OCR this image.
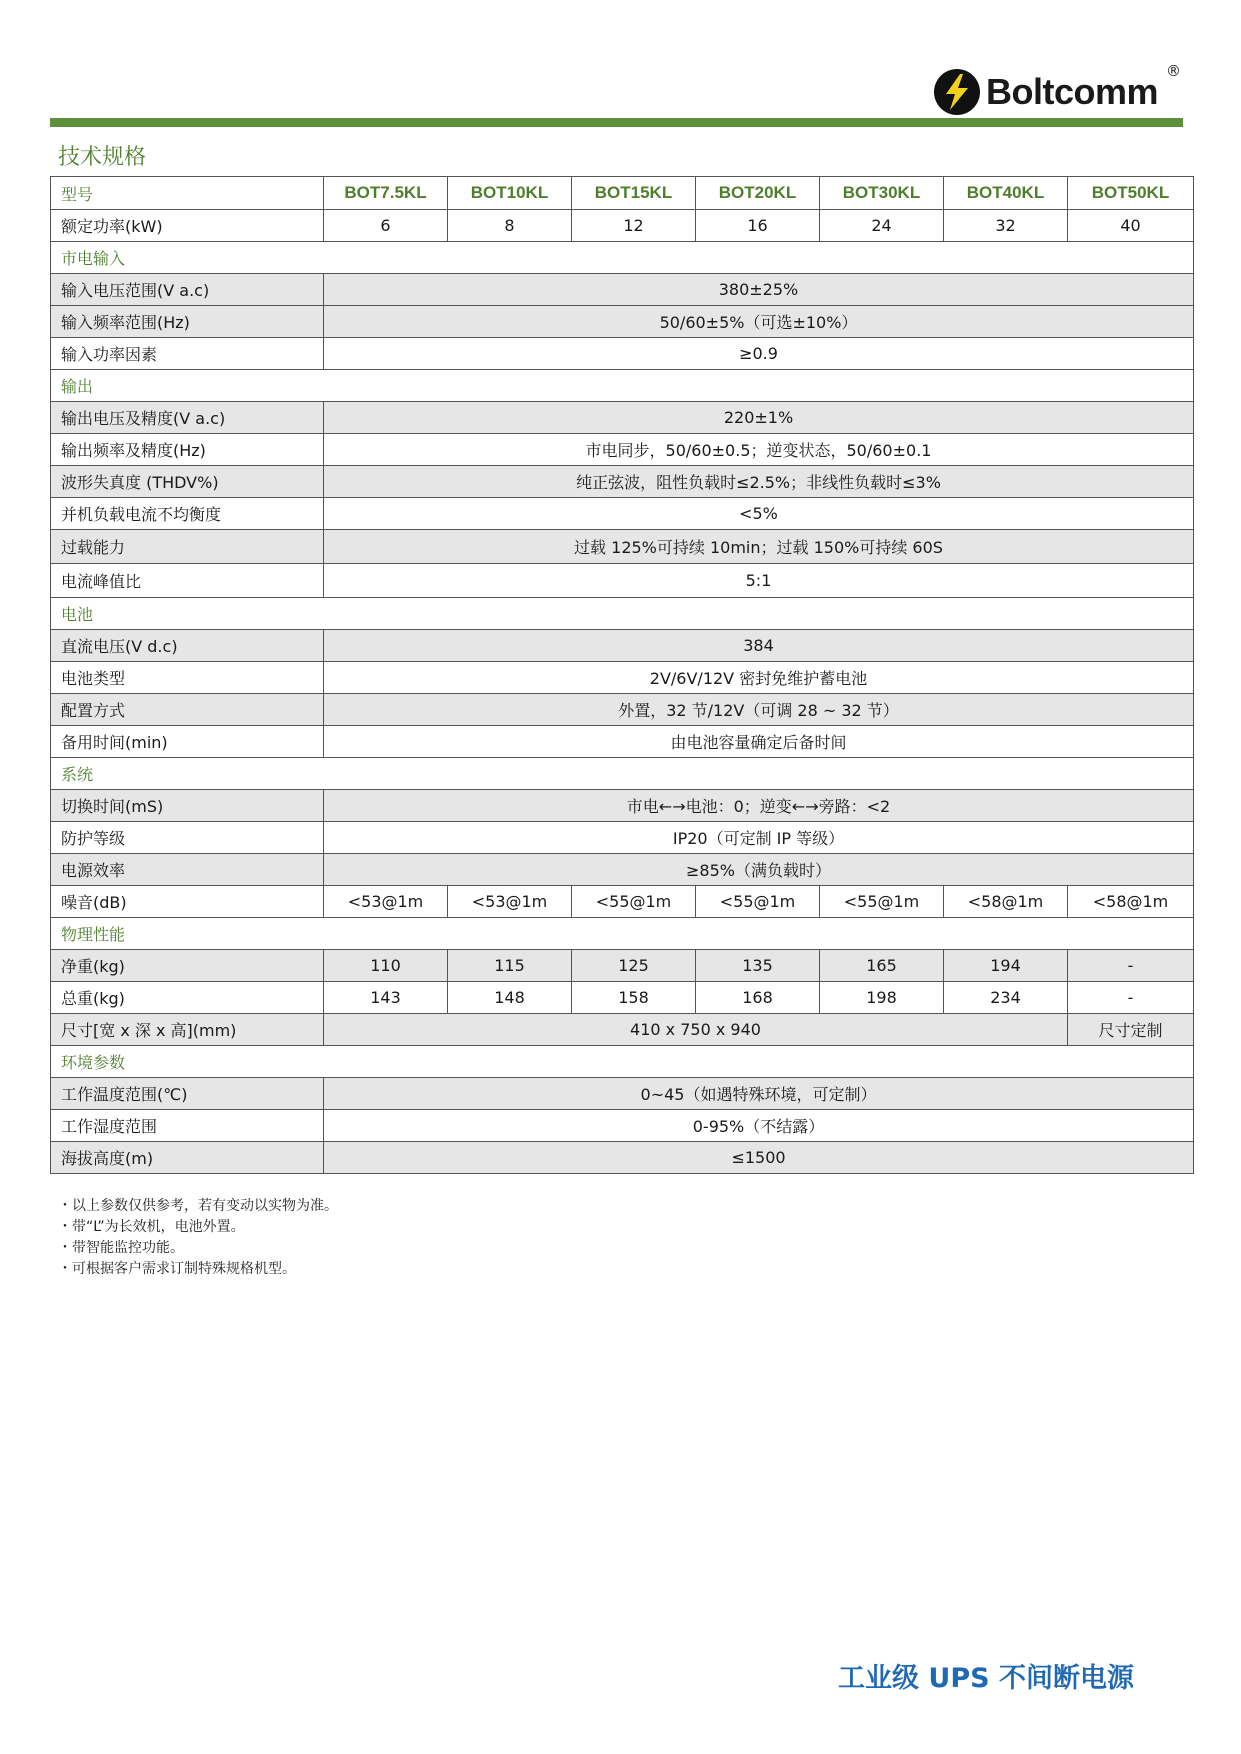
Boltcomm ®
技术规格
型号	BOT7.5KL	BOT10KL	BOT15KL	BOT20KL	BOT30KL	BOT40KL	BOT50KL
额定功率(kW)	6	8	12	16	24	32	40
市电输入							
输入电压范围(V a.c)	380±25%						
输入频率范围(Hz)	50/60±5%（可选±10%）						
输入功率因素	≥0.9						
输出							
输出电压及精度(V a.c)	220±1%						
输出频率及精度(Hz)	市电同步，50/60±0.5；逆变状态，50/60±0.1						
波形失真度 (THDV%)	纯正弦波，阻性负载时≤2.5%；非线性负载时≤3%						
并机负载电流不均衡度	<5%						
过载能力	过载 125%可持续 10min；过载 150%可持续 60S						
电流峰值比	5:1						
电池							
直流电压(V d.c)	384						
电池类型	2V/6V/12V 密封免维护蓄电池						
配置方式	外置，32 节/12V（可调 28 ~ 32 节）						
备用时间(min)	由电池容量确定后备时间						
系统							
切换时间(mS)	市电←→电池：0；逆变←→旁路：<2						
防护等级	IP20（可定制 IP 等级）						
电源效率	≥85%（满负载时）						
噪音(dB)	<53@1m	<53@1m	<55@1m	<55@1m	<55@1m	<58@1m	<58@1m
物理性能							
净重(kg)	110	115	125	135	165	194	-
总重(kg)	143	148	158	168	198	234	-
尺寸[宽 x 深 x 高](mm)	410 x 750 x 940						尺寸定制
环境参数							
工作温度范围(℃)	0~45（如遇特殊环境，可定制）						
工作湿度范围	0-95%（不结露）						
海拔高度(m)	≤1500						
・以上参数仅供参考，若有变动以实物为准。
・带“L”为长效机，电池外置。
・带智能监控功能。
・可根据客户需求订制特殊规格机型。
工业级 UPS 不间断电源
